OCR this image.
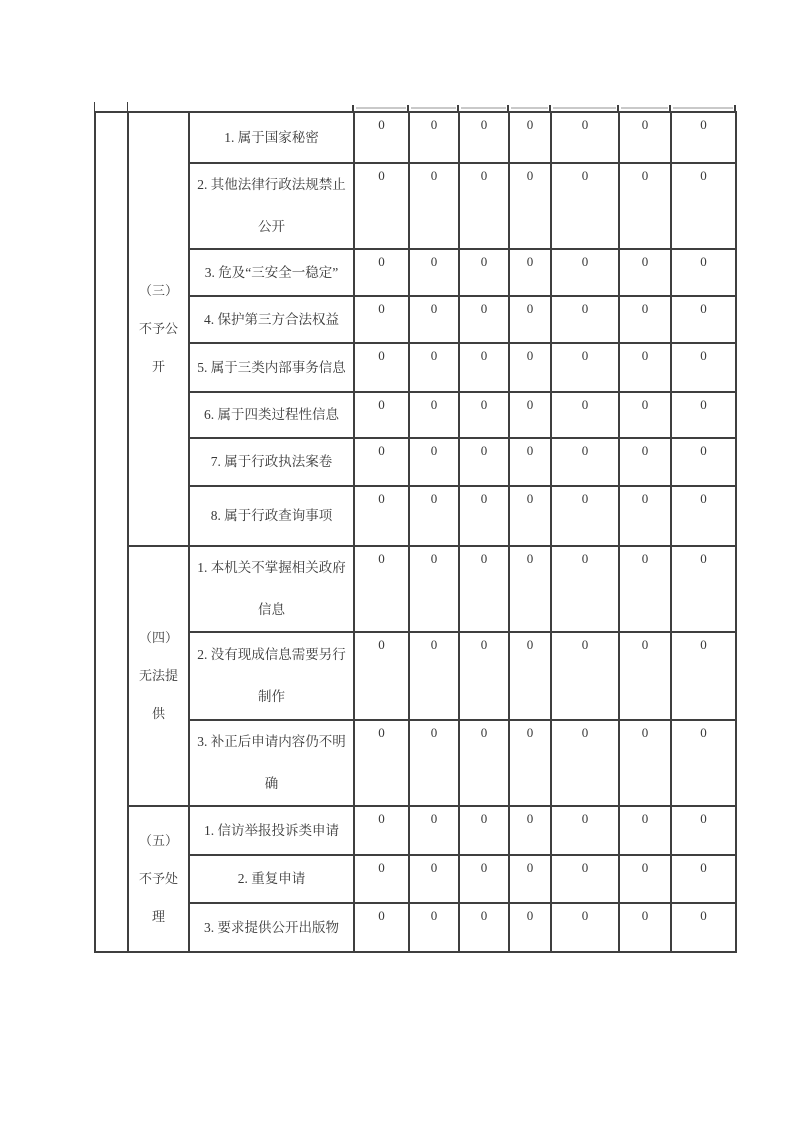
	（三）
不予公
开	1. 属于国家秘密	0	0	0	0	0	0	0

		2. 其他法律行政法规禁止
公开	0	0	0	0	0	0	0

		3. 危及“三安全一稳定”	0	0	0	0	0	0	0

		4. 保护第三方合法权益	0	0	0	0	0	0	0

		5. 属于三类内部事务信息	0	0	0	0	0	0	0

		6. 属于四类过程性信息	0	0	0	0	0	0	0

		7. 属于行政执法案卷	0	0	0	0	0	0	0

		8. 属于行政查询事项	0	0	0	0	0	0	0

（四）
无法提
供

1. 本机关不掌握相关政府
信息
	0	0	0	0	0	0	0

		2. 没有现成信息需要另行
制作	0	0	0	0	0	0	0

		3. 补正后申请内容仍不明
确	0	0	0	0	0	0	0

	（五）
不予处
理	1. 信访举报投诉类申请	0	0	0	0	0	0	0

		2. 重复申请	0	0	0	0	0	0	0

		3. 要求提供公开出版物	0	0	0	0	0	0	0
